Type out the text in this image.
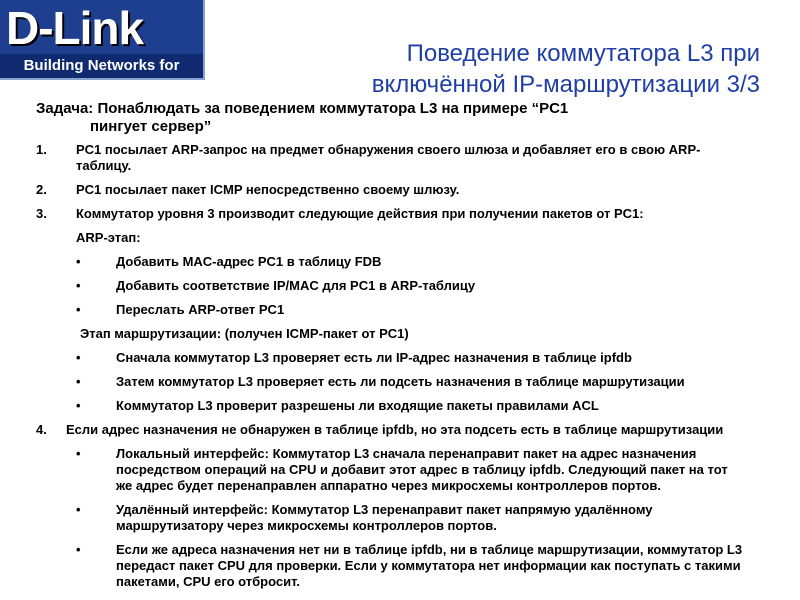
D-Link
Building Networks for People
Поведение коммутатора L3 при
включённой IP-маршрутизации 3/3
Задача: Понаблюдать за поведением коммутатора L3 на примере “PC1
пингует сервер”
1. PC1 посылает ARP-запрос на предмет обнаружения своего шлюза и добавляет его в свою ARP-таблицу.
2. PC1 посылает пакет ICMP непосредственно своему шлюзу.
3. Коммутатор уровня 3 производит следующие действия при получении пакетов от PC1:
ARP-этап:
•
Добавить MAC-адрес PC1 в таблицу FDB
•
Добавить соответствие IP/MAC для PC1 в ARP-таблицу
•
Переслать ARP-ответ PC1
Этап маршрутизации: (получен ICMP-пакет от PC1)
•
Сначала коммутатор L3 проверяет есть ли IP-адрес назначения в таблице ipfdb
•
Затем коммутатор L3 проверяет есть ли подсеть назначения в таблице маршрутизации
•
Коммутатор L3 проверит разрешены ли входящие пакеты правилами ACL
4. Если адрес назначения не обнаружен в таблице ipfdb, но эта подсеть есть в таблице маршрутизации
•
Локальный интерфейс: Коммутатор L3 сначала перенаправит пакет на адрес назначения посредством операций на CPU и добавит этот адрес в таблицу ipfdb. Следующий пакет на тот же адрес будет перенаправлен аппаратно через микросхемы контроллеров портов.
•
Удалённый интерфейс: Коммутатор L3 перенаправит пакет напрямую удалённому маршрутизатору через микросхемы контроллеров портов.
•
Если же адреса назначения нет ни в таблице ipfdb, ни в таблице маршрутизации, коммутатор L3 передаст пакет CPU для проверки. Если у коммутатора нет информации как поступать с такими пакетами, CPU его отбросит.
